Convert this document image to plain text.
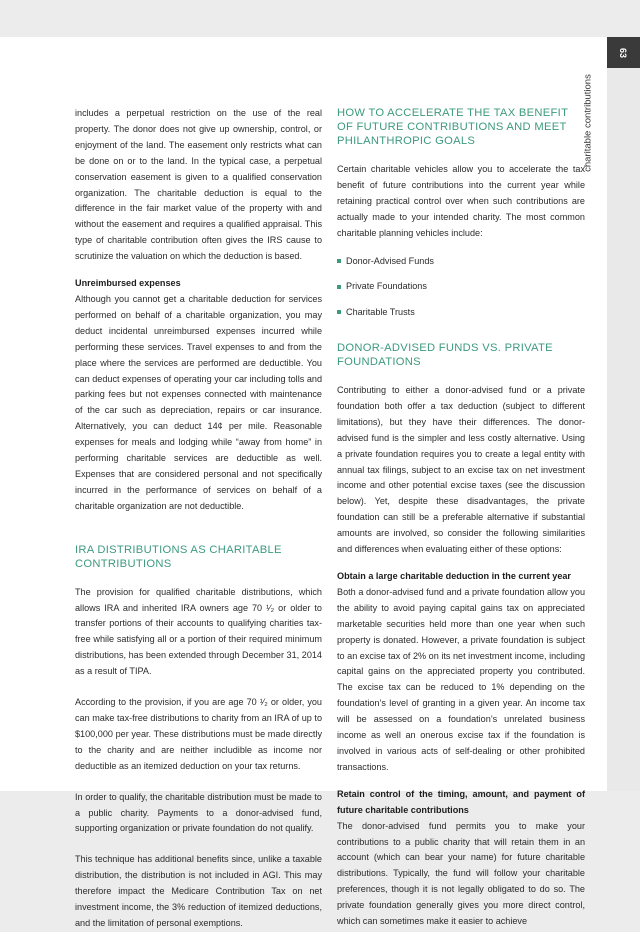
63
charitable contributions

includes a perpetual restriction on the use of the real property. The donor does not give up ownership, control, or enjoyment of the land. The easement only restricts what can be done on or to the land. In the typical case, a perpetual conservation easement is given to a qualified conservation organization. The charitable deduction is equal to the difference in the fair market value of the property with and without the easement and requires a qualified appraisal. This type of charitable contribution often gives the IRS cause to scrutinize the valuation on which the deduction is based.

Unreimbursed expenses

Although you cannot get a charitable deduction for services performed on behalf of a charitable organization, you may deduct incidental unreimbursed expenses incurred while performing these services. Travel expenses to and from the place where the services are performed are deductible. You can deduct expenses of operating your car including tolls and parking fees but not expenses connected with maintenance of the car such as depreciation, repairs or car insurance. Alternatively, you can deduct 14¢ per mile. Reasonable expenses for meals and lodging while “away from home” in performing charitable services are deductible as well. Expenses that are considered personal and not specifically incurred in the performance of services on behalf of a charitable organization are not deductible.

IRA DISTRIBUTIONS AS CHARITABLE CONTRIBUTIONS

The provision for qualified charitable distributions, which allows IRA and inherited IRA owners age 70 ¹⁄₂ or older to transfer portions of their accounts to qualifying charities tax-free while satisfying all or a portion of their required minimum distributions, has been extended through December 31, 2014 as a result of TIPA.

According to the provision, if you are age 70 ¹⁄₂ or older, you can make tax-free distributions to charity from an IRA of up to $100,000 per year. These distributions must be made directly to the charity and are neither includible as income nor deductible as an itemized deduction on your tax returns.

In order to qualify, the charitable distribution must be made to a public charity. Payments to a donor-advised fund, supporting organization or private foundation do not qualify.

This technique has additional benefits since, unlike a taxable distribution, the distribution is not included in AGI. This may therefore impact the Medicare Contribution Tax on net investment income, the 3% reduction of itemized deductions, and the limitation of personal exemptions.

HOW TO ACCELERATE THE TAX BENEFIT OF FUTURE CONTRIBUTIONS AND MEET PHILANTHROPIC GOALS

Certain charitable vehicles allow you to accelerate the tax benefit of future contributions into the current year while retaining practical control over when such contributions are actually made to your intended charity. The most common charitable planning vehicles include:

Donor-Advised Funds
Private Foundations
Charitable Trusts
DONOR-ADVISED FUNDS VS. PRIVATE FOUNDATIONS

Contributing to either a donor-advised fund or a private foundation both offer a tax deduction (subject to different limitations), but they have their differences. The donor-advised fund is the simpler and less costly alternative. Using a private foundation requires you to create a legal entity with annual tax filings, subject to an excise tax on net investment income and other potential excise taxes (see the discussion below). Yet, despite these disadvantages, the private foundation can still be a preferable alternative if substantial amounts are involved, so consider the following similarities and differences when evaluating either of these options:

Obtain a large charitable deduction in the current year

Both a donor-advised fund and a private foundation allow you the ability to avoid paying capital gains tax on appreciated marketable securities held more than one year when such property is donated. However, a private foundation is subject to an excise tax of 2% on its net investment income, including capital gains on the appreciated property you contributed. The excise tax can be reduced to 1% depending on the foundation’s level of granting in a given year. An income tax will be assessed on a foundation’s unrelated business income as well an onerous excise tax if the foundation is involved in various acts of self-dealing or other prohibited transactions.

Retain control of the timing, amount, and payment of future charitable contributions

The donor-advised fund permits you to make your contributions to a public charity that will retain them in an account (which can bear your name) for future charitable distributions. Typically, the fund will follow your charitable preferences, though it is not legally obligated to do so. The private foundation generally gives you more direct control, which can sometimes make it easier to achieve
